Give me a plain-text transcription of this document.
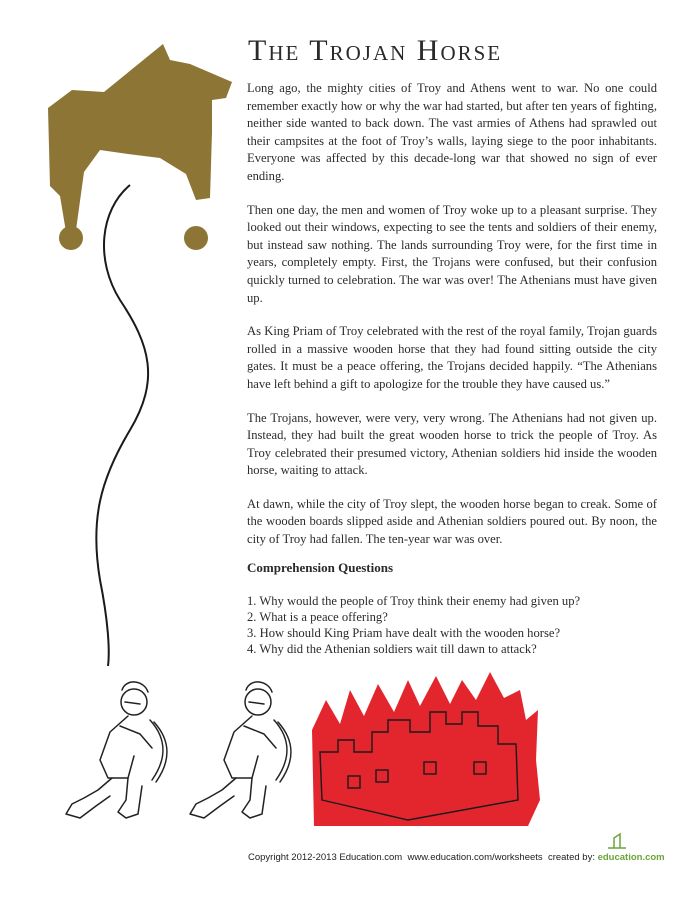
The Trojan Horse

Long ago, the mighty cities of Troy and Athens went to war. No one could remember exactly how or why the war had started, but after ten years of fighting, neither side wanted to back down. The vast armies of Athens had sprawled out their campsites at the foot of Troy’s walls, laying siege to the poor inhabitants. Everyone was affected by this decade-long war that showed no sign of ever ending.

Then one day, the men and women of Troy woke up to a pleasant surprise. They looked out their windows, expecting to see the tents and soldiers of their enemy, but instead saw nothing. The lands surrounding Troy were, for the first time in years, completely empty. First, the Trojans were confused, but their confusion quickly turned to celebration. The war was over! The Athenians must have given up.

As King Priam of Troy celebrated with the rest of the royal family, Trojan guards rolled in a massive wooden horse that they had found sitting outside the city gates. It must be a peace offering, the Trojans decided happily. “The Athenians have left behind a gift to apologize for the trouble they have caused us.”

The Trojans, however, were very, very wrong. The Athenians had not given up. Instead, they had built the great wooden horse to trick the people of Troy. As Troy celebrated their presumed victory, Athenian soldiers hid inside the wooden horse, waiting to attack.

At dawn, while the city of Troy slept, the wooden horse began to creak. Some of the wooden boards slipped aside and Athenian soldiers poured out. By noon, the city of Troy had fallen. The ten-year war was over.

Comprehension Questions
1. Why would the people of Troy think their enemy had given up?
2. What is a peace offering?
3. How should King Priam have dealt with the wooden horse?
4. Why did the Athenian soldiers wait till dawn to attack?
Copyright 2012-2013 Education.com www.education.com/worksheets created by: education.com
